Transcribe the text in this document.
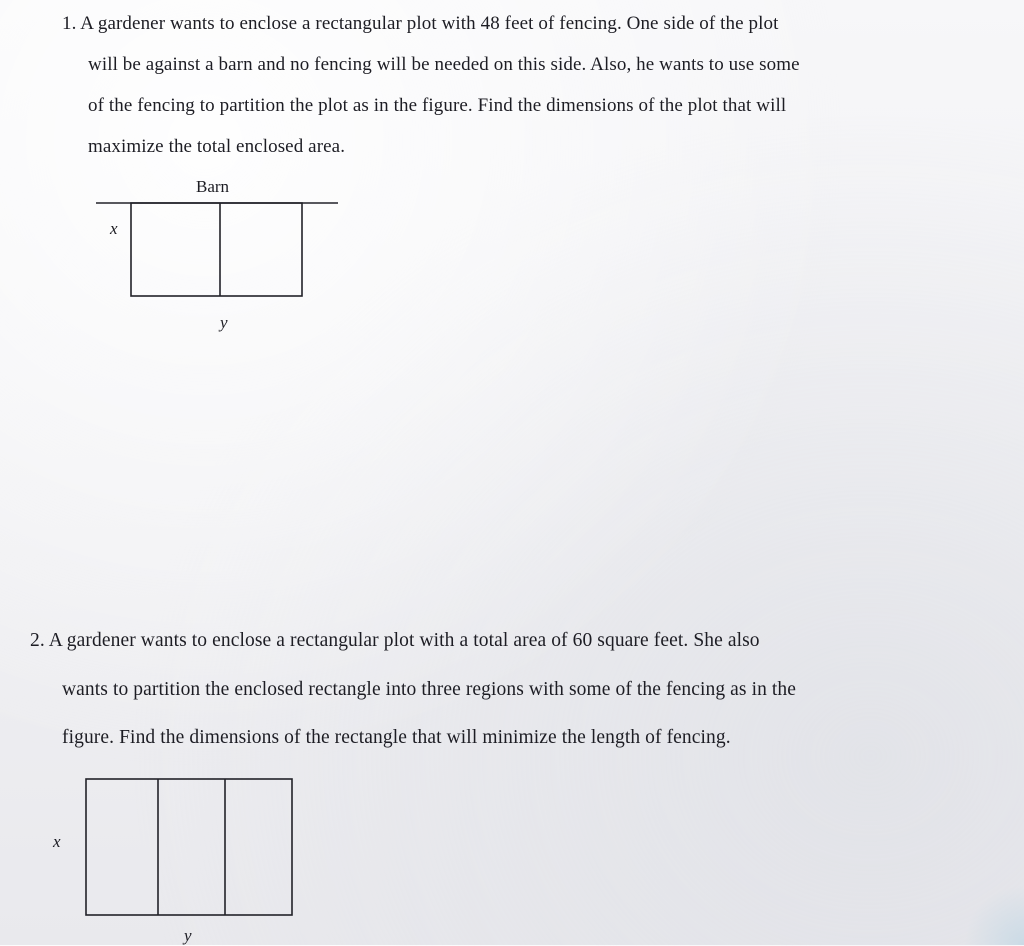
1. A gardener wants to enclose a rectangular plot with 48 feet of fencing. One side of the plot

will be against a barn and no fencing will be needed on this side. Also, he wants to use some

of the fencing to partition the plot as in the figure. Find the dimensions of the plot that will

maximize the total enclosed area.

Barn
x
y

2. A gardener wants to enclose a rectangular plot with a total area of 60 square feet. She also

wants to partition the enclosed rectangle into three regions with some of the fencing as in the

figure. Find the dimensions of the rectangle that will minimize the length of fencing.

x
y
